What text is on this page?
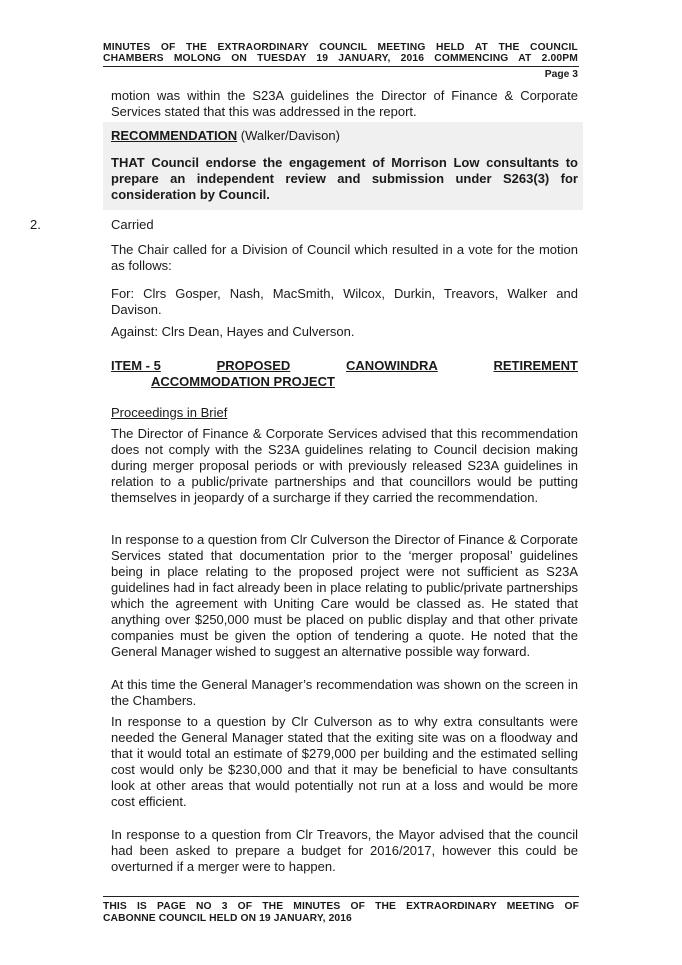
MINUTES OF THE EXTRAORDINARY COUNCIL MEETING HELD AT THE COUNCIL
CHAMBERS MOLONG ON TUESDAY 19 JANUARY, 2016 COMMENCING AT 2.00PM
Page 3
motion was within the S23A guidelines the Director of Finance & Corporate Services stated that this was addressed in the report.
RECOMMENDATION (Walker/Davison)
THAT Council endorse the engagement of Morrison Low consultants to prepare an independent review and submission under S263(3) for consideration by Council.
2.	Carried
The Chair called for a Division of Council which resulted in a vote for the motion as follows:
For: Clrs Gosper, Nash, MacSmith, Wilcox, Durkin, Treavors, Walker and Davison.
Against: Clrs Dean, Hayes and Culverson.
ITEM - 5	PROPOSED	CANOWINDRA	RETIREMENT
ACCOMMODATION PROJECT
Proceedings in Brief
The Director of Finance & Corporate Services advised that this recommendation does not comply with the S23A guidelines relating to Council decision making during merger proposal periods or with previously released S23A guidelines in relation to a public/private partnerships and that councillors would be putting themselves in jeopardy of a surcharge if they carried the recommendation.
In response to a question from Clr Culverson the Director of Finance & Corporate Services stated that documentation prior to the ‘merger proposal’ guidelines being in place relating to the proposed project were not sufficient as S23A guidelines had in fact already been in place relating to public/private partnerships which the agreement with Uniting Care would be classed as. He stated that anything over $250,000 must be placed on public display and that other private companies must be given the option of tendering a quote. He noted that the General Manager wished to suggest an alternative possible way forward.
At this time the General Manager’s recommendation was shown on the screen in the Chambers.
In response to a question by Clr Culverson as to why extra consultants were needed the General Manager stated that the exiting site was on a floodway and that it would total an estimate of $279,000 per building and the estimated selling cost would only be $230,000 and that it may be beneficial to have consultants look at other areas that would potentially not run at a loss and would be more cost efficient.
In response to a question from Clr Treavors, the Mayor advised that the council had been asked to prepare a budget for 2016/2017, however this could be overturned if a merger were to happen.
THIS IS PAGE NO 3 OF THE MINUTES OF THE EXTRAORDINARY MEETING OF
CABONNE COUNCIL HELD ON 19 JANUARY, 2016
